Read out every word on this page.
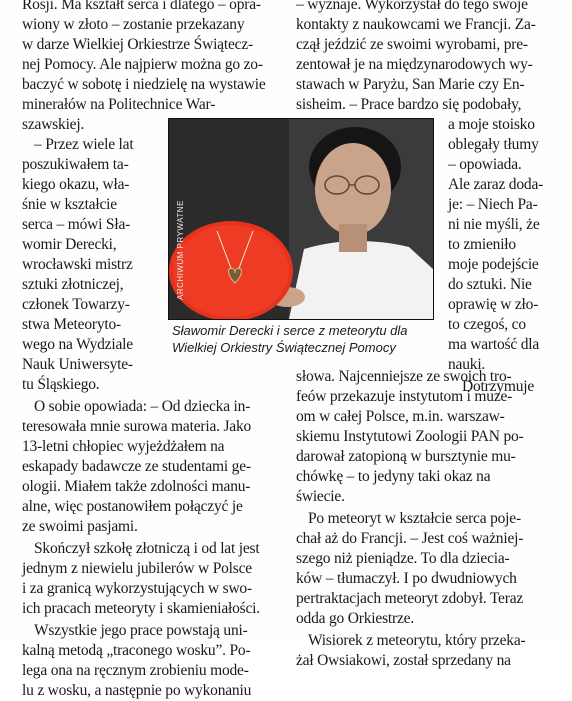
Rosji. Ma kształt serca i dlatego – opra-
wiony w złoto – zostanie przekazany
w darze Wielkiej Orkiestrze Świątecz-
nej Pomocy. Ale najpierw można go zo-
baczyć w sobotę i niedzielę na wystawie
minerałów na Politechnice War-
szawskiej.
– Przez wiele lat
poszukiwałem ta-
kiego okazu, wła-
śnie w kształcie
serca – mówi Sła-
womir Derecki,
wrocławski mistrz
sztuki złotniczej,
członek Towarzy-
stwa Meteoryto-
wego na Wydziale
Nauk Uniwersyte-
tu Śląskiego.
O sobie opowiada: – Od dziecka in-
teresowała mnie surowa materia. Jako
13-letni chłopiec wyjeżdżałem na
eskapady badawcze ze studentami ge-
ologii. Miałem także zdolności manu-
alne, więc postanowiłem połączyć je
ze swoimi pasjami.
Skończył szkołę złotniczą i od lat jest
jednym z niewielu jubilerów w Polsce
i za granicą wykorzystujących w swo-
ich pracach meteoryty i skamieniałości.
Wszystkie jego prace powstają uni-
kalną metodą „traconego wosku”. Po-
lega ona na ręcznym zrobieniu mode-
lu z wosku, a następnie po wykonaniu
– wyznaje. Wykorzystał do tego swoje
kontakty z naukowcami we Francji. Za-
czął jeździć ze swoimi wyrobami, pre-
zentował je na międzynarodowych wy-
stawach w Paryżu, San Marie czy En-
sisheim. – Prace bardzo się podobały,
a moje stoisko
oblegały tłumy
– opowiada.
Ale zaraz doda-
je: – Niech Pa-
ni nie myśli, że
to zmieniło
moje podejście
do sztuki. Nie
oprawię w zło-
to czegoś, co
ma wartość dla
nauki.
Dotrzymuje
słowa. Najcenniejsze ze swoich tro-
feów przekazuje instytutom i muze-
om w całej Polsce, m.in. warszaw-
skiemu Instytutowi Zoologii PAN po-
darował zatopioną w bursztynie mu-
chówkę – to jedyny taki okaz na
świecie.
Po meteoryt w kształcie serca poje-
chał aż do Francji. – Jest coś ważniej-
szego niż pieniądze. To dla dziecia-
ków – tłumaczył. I po dwudniowych
pertraktacjach meteoryt zdobył. Teraz
odda go Orkiestrze.
Wisiorek z meteorytu, który przeka-
żał Owsiakowi, został sprzedany na
ARCHIWUM PRYWATNE
Sławomir Derecki i serce z meteorytu dla
Wielkiej Orkiestry Świątecznej Pomocy
